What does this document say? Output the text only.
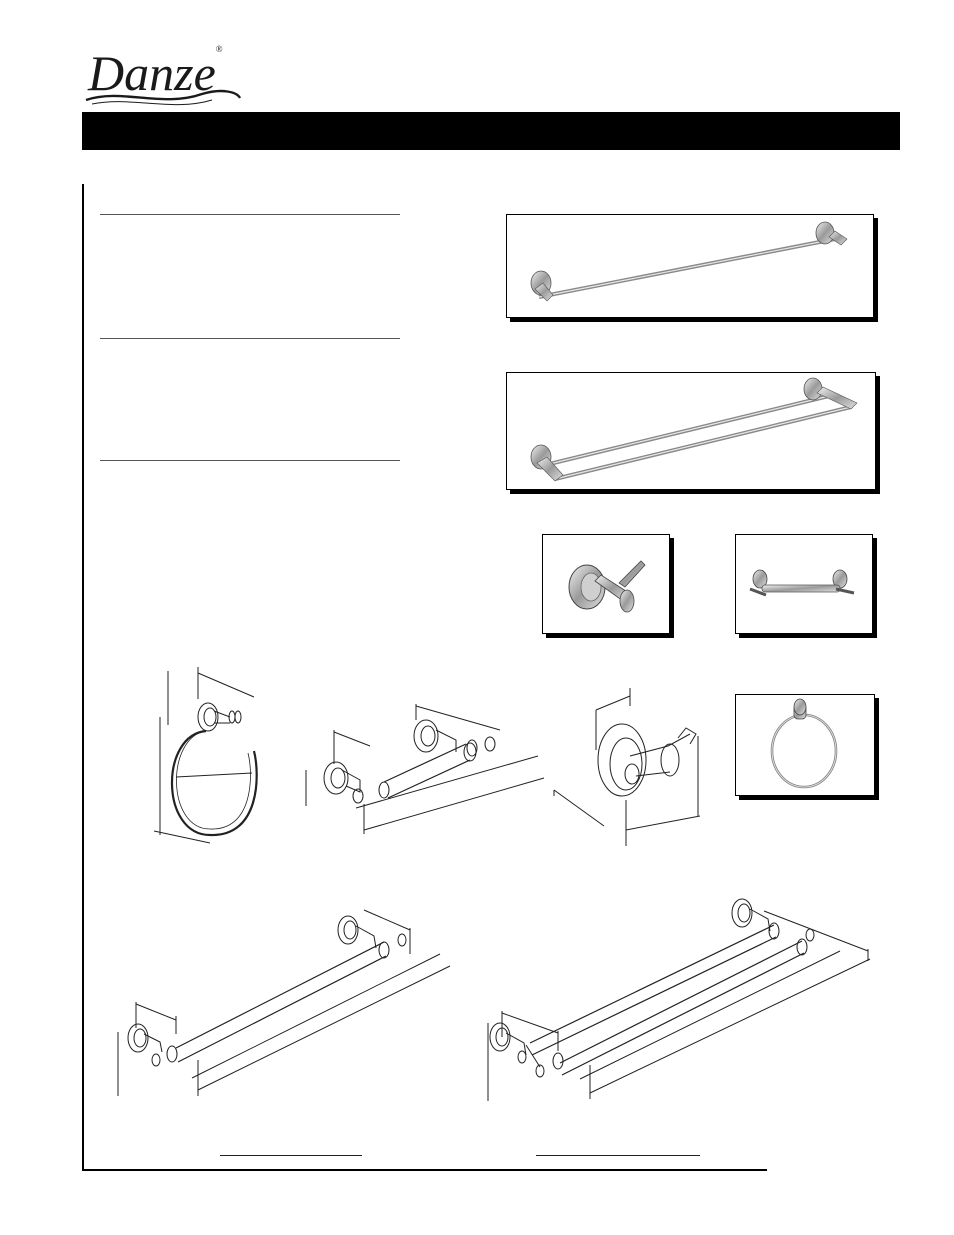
Danze®
